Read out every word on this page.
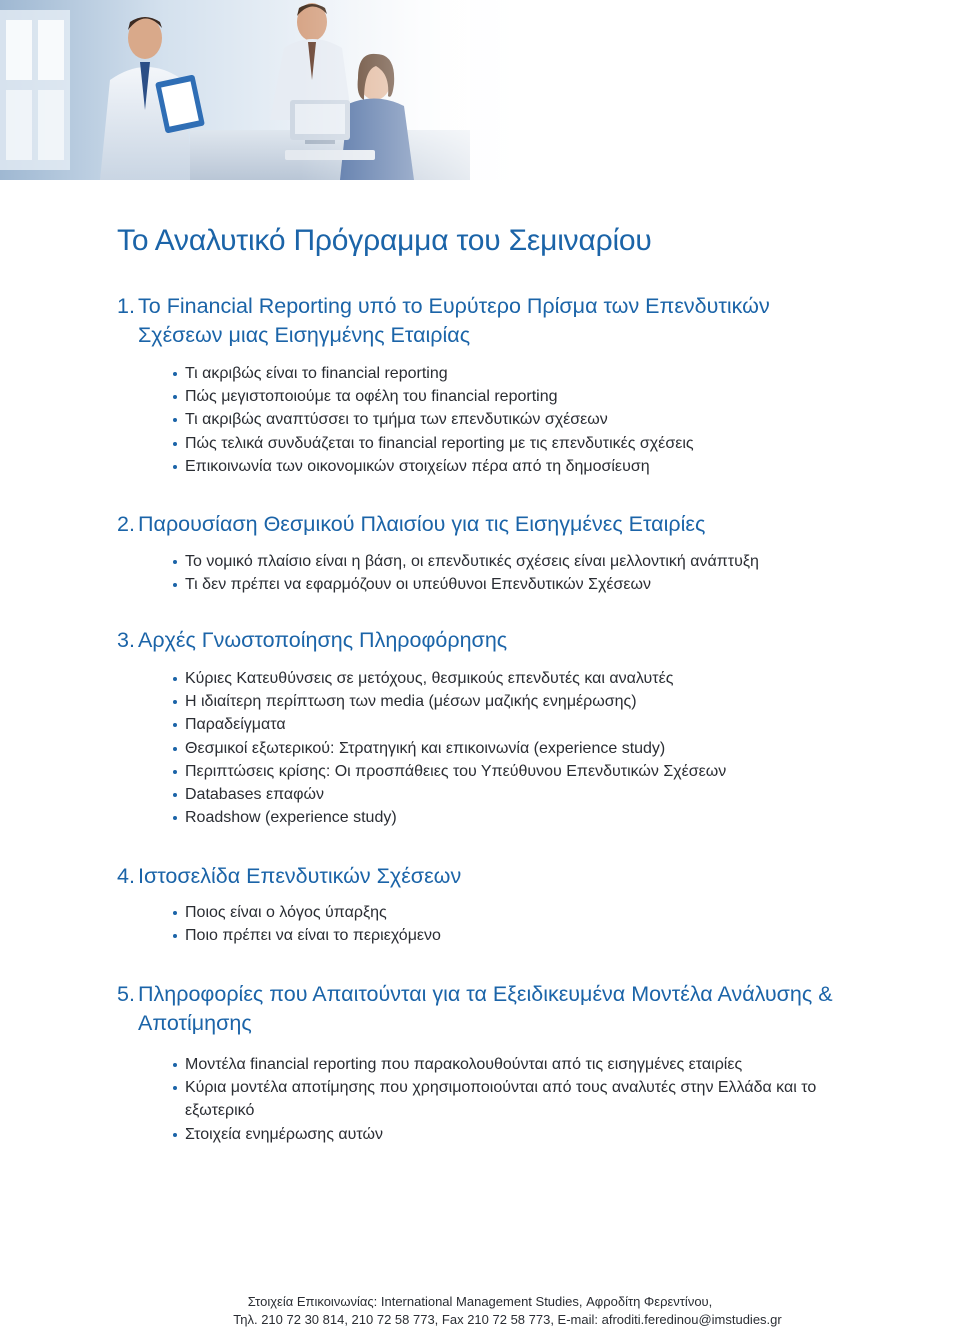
Το Αναλυτικό Πρόγραμμα του Σεμιναρίου
1. Το Financial Reporting υπό το Ευρύτερο Πρίσμα των Επενδυτικών Σχέσεων μιας Εισηγμένης Εταιρίας
Τι ακριβώς είναι το financial reporting
Πώς μεγιστοποιούμε τα οφέλη του financial reporting
Τι ακριβώς αναπτύσσει το τμήμα των επενδυτικών σχέσεων
Πώς τελικά συνδυάζεται το financial reporting με τις επενδυτικές σχέσεις
Επικοινωνία των οικονομικών στοιχείων πέρα από τη δημοσίευση
2. Παρουσίαση Θεσμικού Πλαισίου για τις Εισηγμένες Εταιρίες
Το νομικό πλαίσιο είναι η βάση, οι επενδυτικές σχέσεις είναι μελλοντική ανάπτυξη
Τι δεν πρέπει να εφαρμόζουν οι υπεύθυνοι Επενδυτικών Σχέσεων
3. Αρχές Γνωστοποίησης Πληροφόρησης
Κύριες Κατευθύνσεις σε μετόχους, θεσμικούς επενδυτές και αναλυτές
Η ιδιαίτερη περίπτωση των media (μέσων μαζικής ενημέρωσης)
Παραδείγματα
Θεσμικοί εξωτερικού: Στρατηγική και επικοινωνία (experience study)
Περιπτώσεις κρίσης: Οι προσπάθειες του Υπεύθυνου Επενδυτικών Σχέσεων
Databases επαφών
Roadshow (experience study)
4. Ιστοσελίδα Επενδυτικών Σχέσεων
Ποιος είναι ο λόγος ύπαρξης
Ποιο πρέπει να είναι το περιεχόμενο
5. Πληροφορίες που Απαιτούνται για τα Εξειδικευμένα Μοντέλα Ανάλυσης & Αποτίμησης
Μοντέλα financial reporting που παρακολουθούνται από τις εισηγμένες εταιρίες
Κύρια μοντέλα αποτίμησης που χρησιμοποιούνται από τους αναλυτές στην Ελλάδα και το εξωτερικό
Στοιχεία ενημέρωσης αυτών
Στοιχεία Επικοινωνίας: International Management Studies, Αφροδίτη Φερεντίνου,
Τηλ. 210 72 30 814, 210 72 58 773, Fax 210 72 58 773, E-mail: afroditi.feredinou@imstudies.gr
